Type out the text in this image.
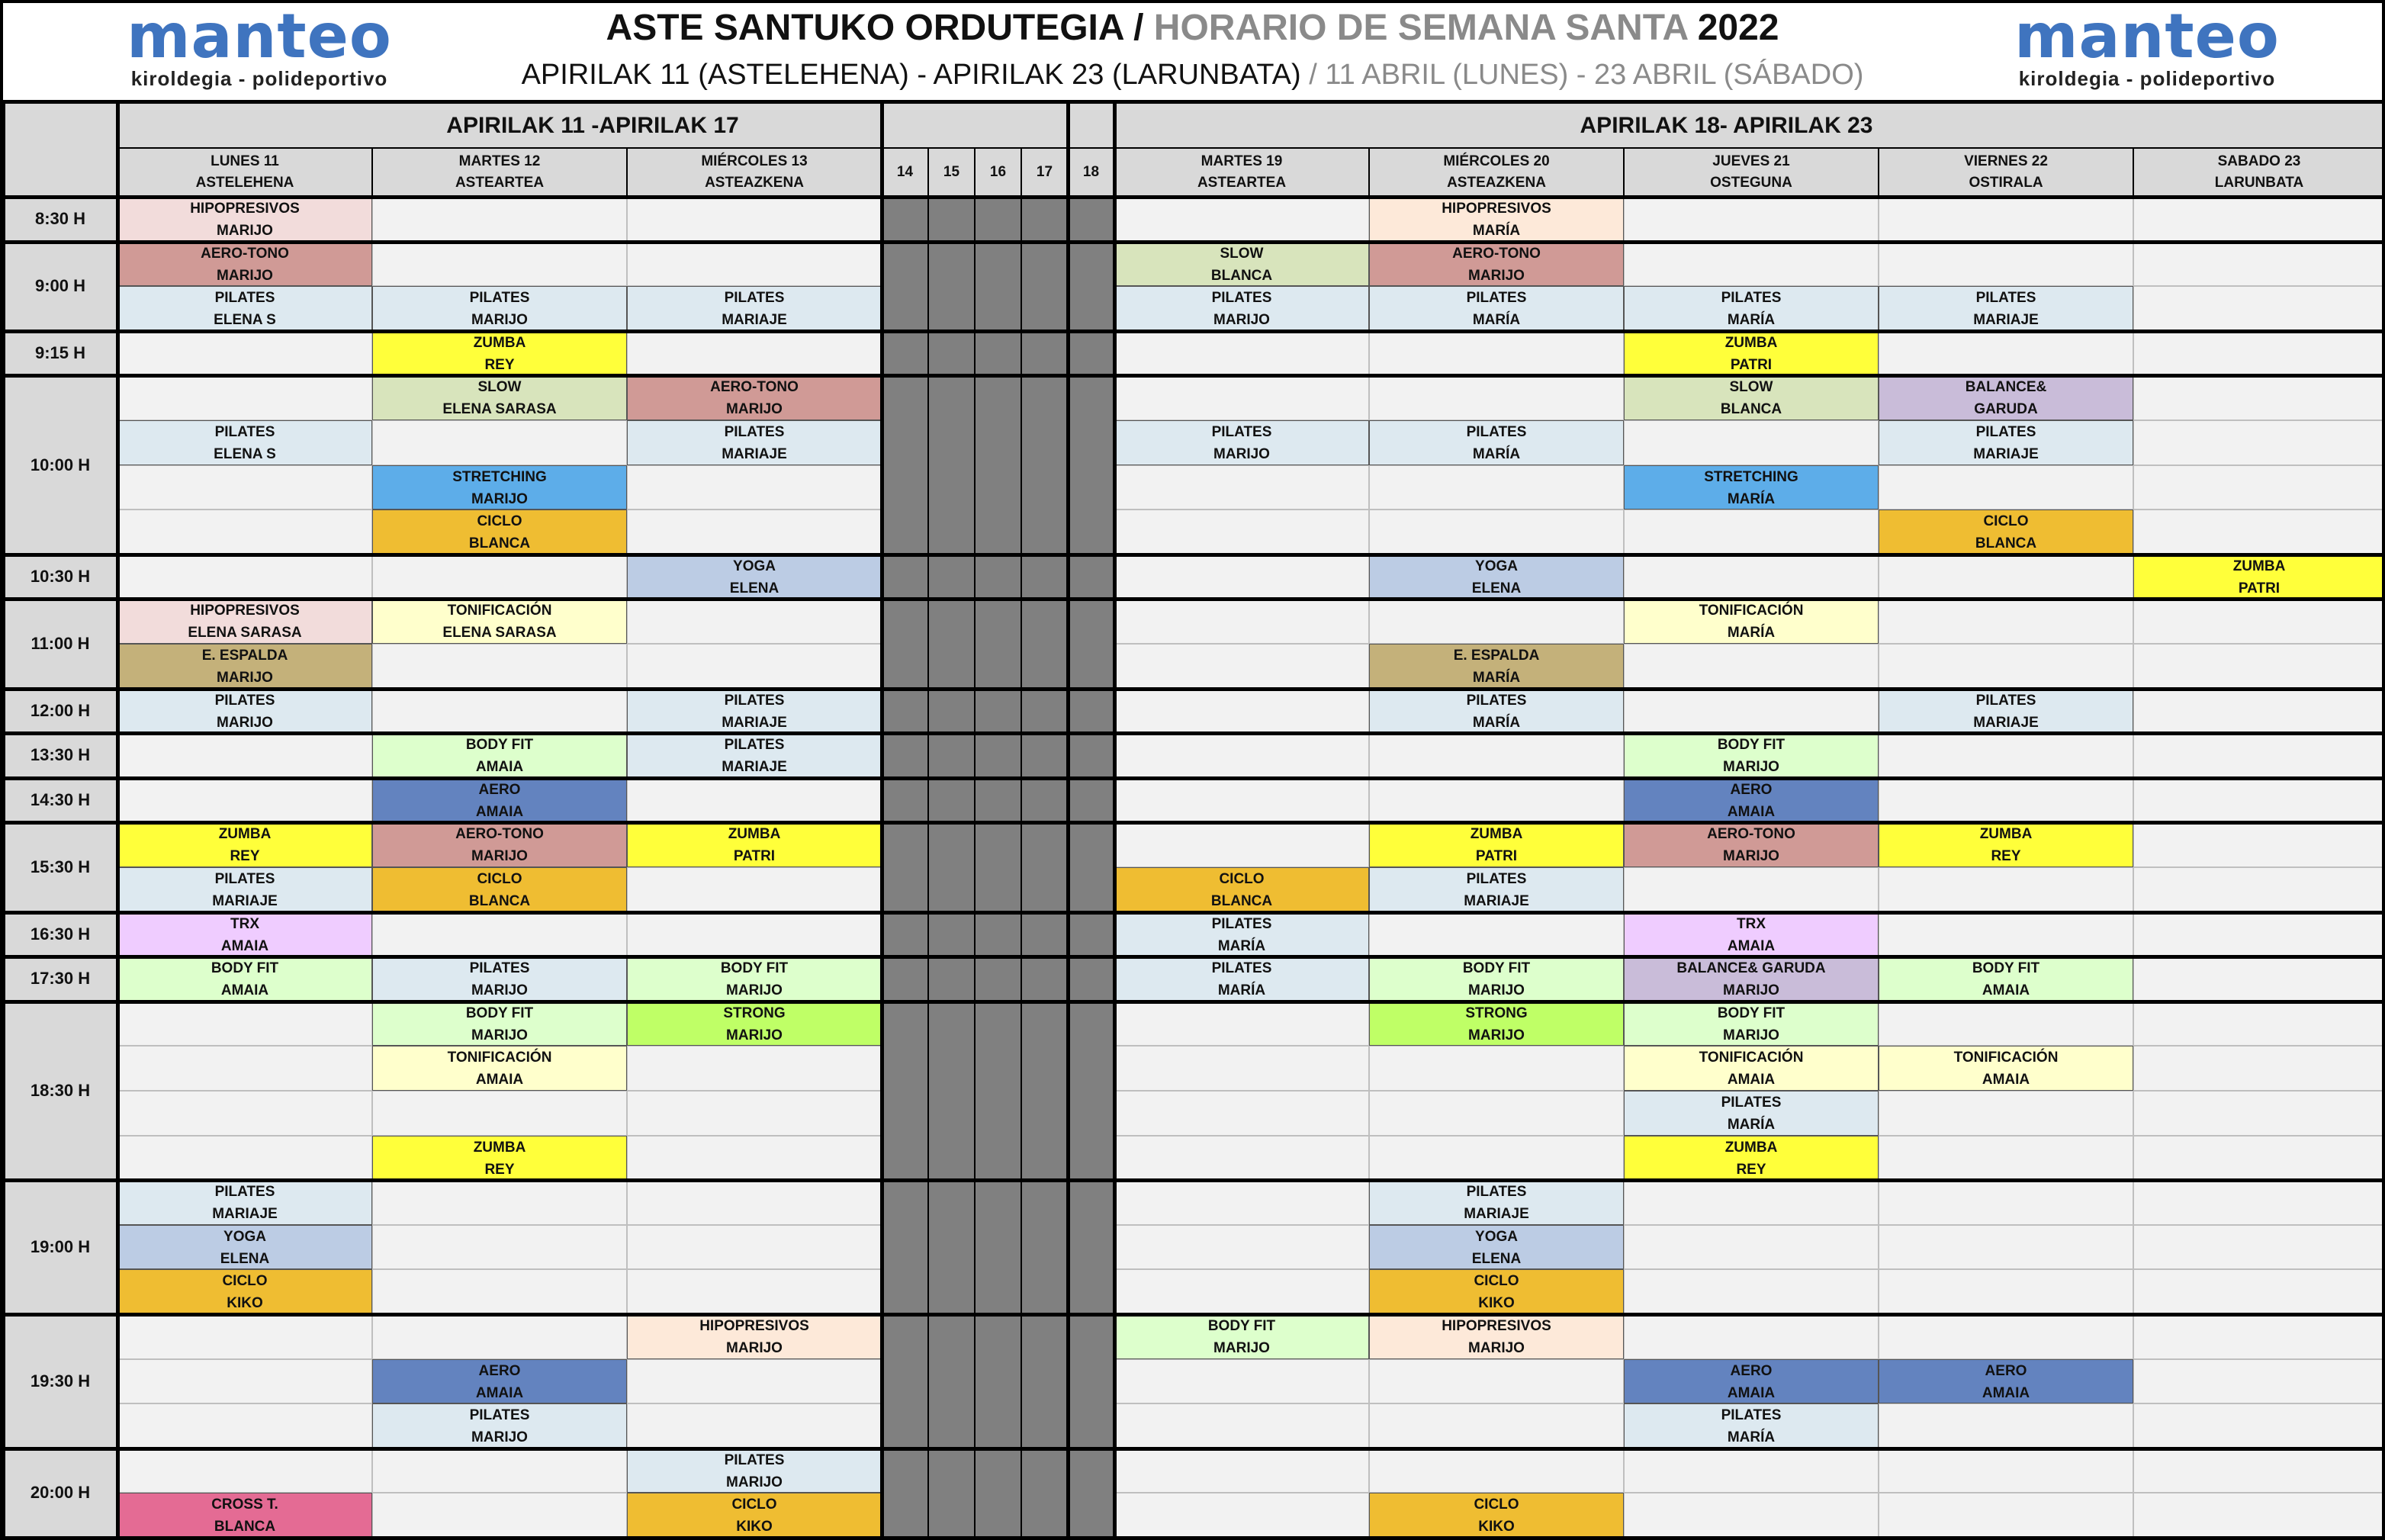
manteo
kiroldegia - polideportivo
manteo
kiroldegia - polideportivo
ASTE SANTUKO ORDUTEGIA / HORARIO DE SEMANA SANTA 2022
APIRILAK 11 (ASTELEHENA) - APIRILAK 23 (LARUNBATA) / 11 ABRIL (LUNES) - 23 ABRIL (SÁBADO)
APIRILAK 11 -APIRILAK 17	APIRILAK 18- APIRILAK 23
LUNES 11
ASTELEHENA
MARTES 12
ASTEARTEA
MIÉRCOLES 13
ASTEAZKENA
14 15 16 17 18
MARTES 19
ASTEARTEA
MIÉRCOLES 20
ASTEAZKENA
JUEVES 21
OSTEGUNA
VIERNES 22
OSTIRALA
SABADO 23
LARUNBATA
8:30 H
9:00 H
9:15 H
10:00 H
10:30 H
11:00 H
12:00 H
13:30 H
14:30 H
15:30 H
16:30 H
17:30 H
18:30 H
19:00 H
19:30 H
20:00 H
HIPOPRESIVOS
MARIJO
HIPOPRESIVOS
MARÍA
AERO-TONO
MARIJO
SLOW
BLANCA
AERO-TONO
MARIJO
PILATES
ELENA S
PILATES
MARIJO
PILATES
MARIAJE
PILATES
MARIJO
PILATES
MARÍA
PILATES
MARÍA
PILATES
MARIAJE
ZUMBA
REY
ZUMBA
PATRI
SLOW
ELENA SARASA
AERO-TONO
MARIJO
SLOW
BLANCA
BALANCE&
GARUDA
PILATES
ELENA S
PILATES
MARIAJE
PILATES
MARIJO
PILATES
MARÍA
PILATES
MARIAJE
STRETCHING
MARIJO
STRETCHING
MARÍA
CICLO
BLANCA
CICLO
BLANCA
YOGA
ELENA
YOGA
ELENA
ZUMBA
PATRI
HIPOPRESIVOS
ELENA SARASA
TONIFICACIÓN
ELENA SARASA
TONIFICACIÓN
MARÍA
E. ESPALDA
MARIJO
E. ESPALDA
MARÍA
PILATES
MARIJO
PILATES
MARIAJE
PILATES
MARÍA
PILATES
MARIAJE
BODY FIT
AMAIA
PILATES
MARIAJE
BODY FIT
MARIJO
AERO
AMAIA
AERO
AMAIA
ZUMBA
REY
AERO-TONO
MARIJO
ZUMBA
PATRI
ZUMBA
PATRI
AERO-TONO
MARIJO
ZUMBA
REY
PILATES
MARIAJE
CICLO
BLANCA
CICLO
BLANCA
PILATES
MARIAJE
TRX
AMAIA
PILATES
MARÍA
TRX
AMAIA
BODY FIT
AMAIA
PILATES
MARIJO
BODY FIT
MARIJO
PILATES
MARÍA
BODY FIT
MARIJO
BALANCE& GARUDA
MARIJO
BODY FIT
AMAIA
BODY FIT
MARIJO
STRONG
MARIJO
STRONG
MARIJO
BODY FIT
MARIJO
TONIFICACIÓN
AMAIA
TONIFICACIÓN
AMAIA
TONIFICACIÓN
AMAIA
PILATES
MARÍA
ZUMBA
REY
ZUMBA
REY
PILATES
MARIAJE
PILATES
MARIAJE
YOGA
ELENA
YOGA
ELENA
CICLO
KIKO
CICLO
KIKO
HIPOPRESIVOS
MARIJO
BODY FIT
MARIJO
HIPOPRESIVOS
MARIJO
AERO
AMAIA
AERO
AMAIA
AERO
AMAIA
PILATES
MARIJO
PILATES
MARÍA
PILATES
MARIJO
CROSS T.
BLANCA
CICLO
KIKO
CICLO
KIKO
